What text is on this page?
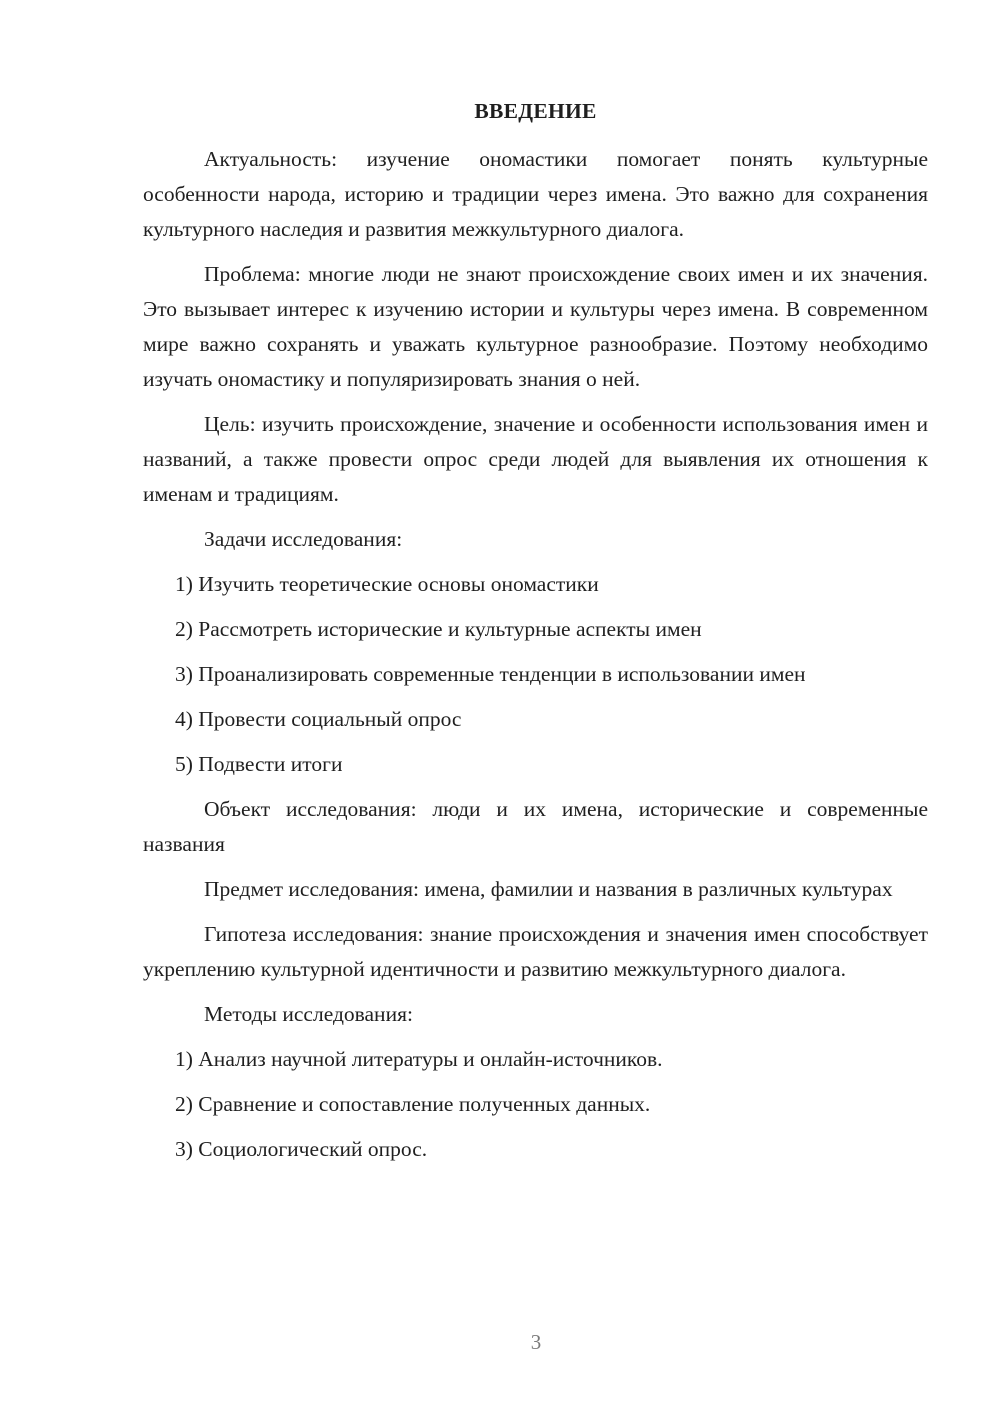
ВВЕДЕНИЕ

Актуальность: изучение ономастики помогает понять культурные особенности народа, историю и традиции через имена. Это важно для сохранения культурного наследия и развития межкультурного диалога.

Проблема: многие люди не знают происхождение своих имен и их значения. Это вызывает интерес к изучению истории и культуры через имена. В современном мире важно сохранять и уважать культурное разнообразие. Поэтому необходимо изучать ономастику и популяризировать знания о ней.

Цель: изучить происхождение, значение и особенности использования имен и названий, а также провести опрос среди людей для выявления их отношения к именам и традициям.

Задачи исследования:

1) Изучить теоретические основы ономастики
2) Рассмотреть исторические и культурные аспекты имен
3) Проанализировать современные тенденции в использовании имен
4) Провести социальный опрос
5) Подвести итоги

Объект исследования: люди и их имена, исторические и современные названия

Предмет исследования: имена, фамилии и названия в различных культурах

Гипотеза исследования: знание происхождения и значения имен способствует укреплению культурной идентичности и развитию межкультурного диалога.

Методы исследования:

1) Анализ научной литературы и онлайн-источников.
2) Сравнение и сопоставление полученных данных.
3) Социологический опрос.
3
